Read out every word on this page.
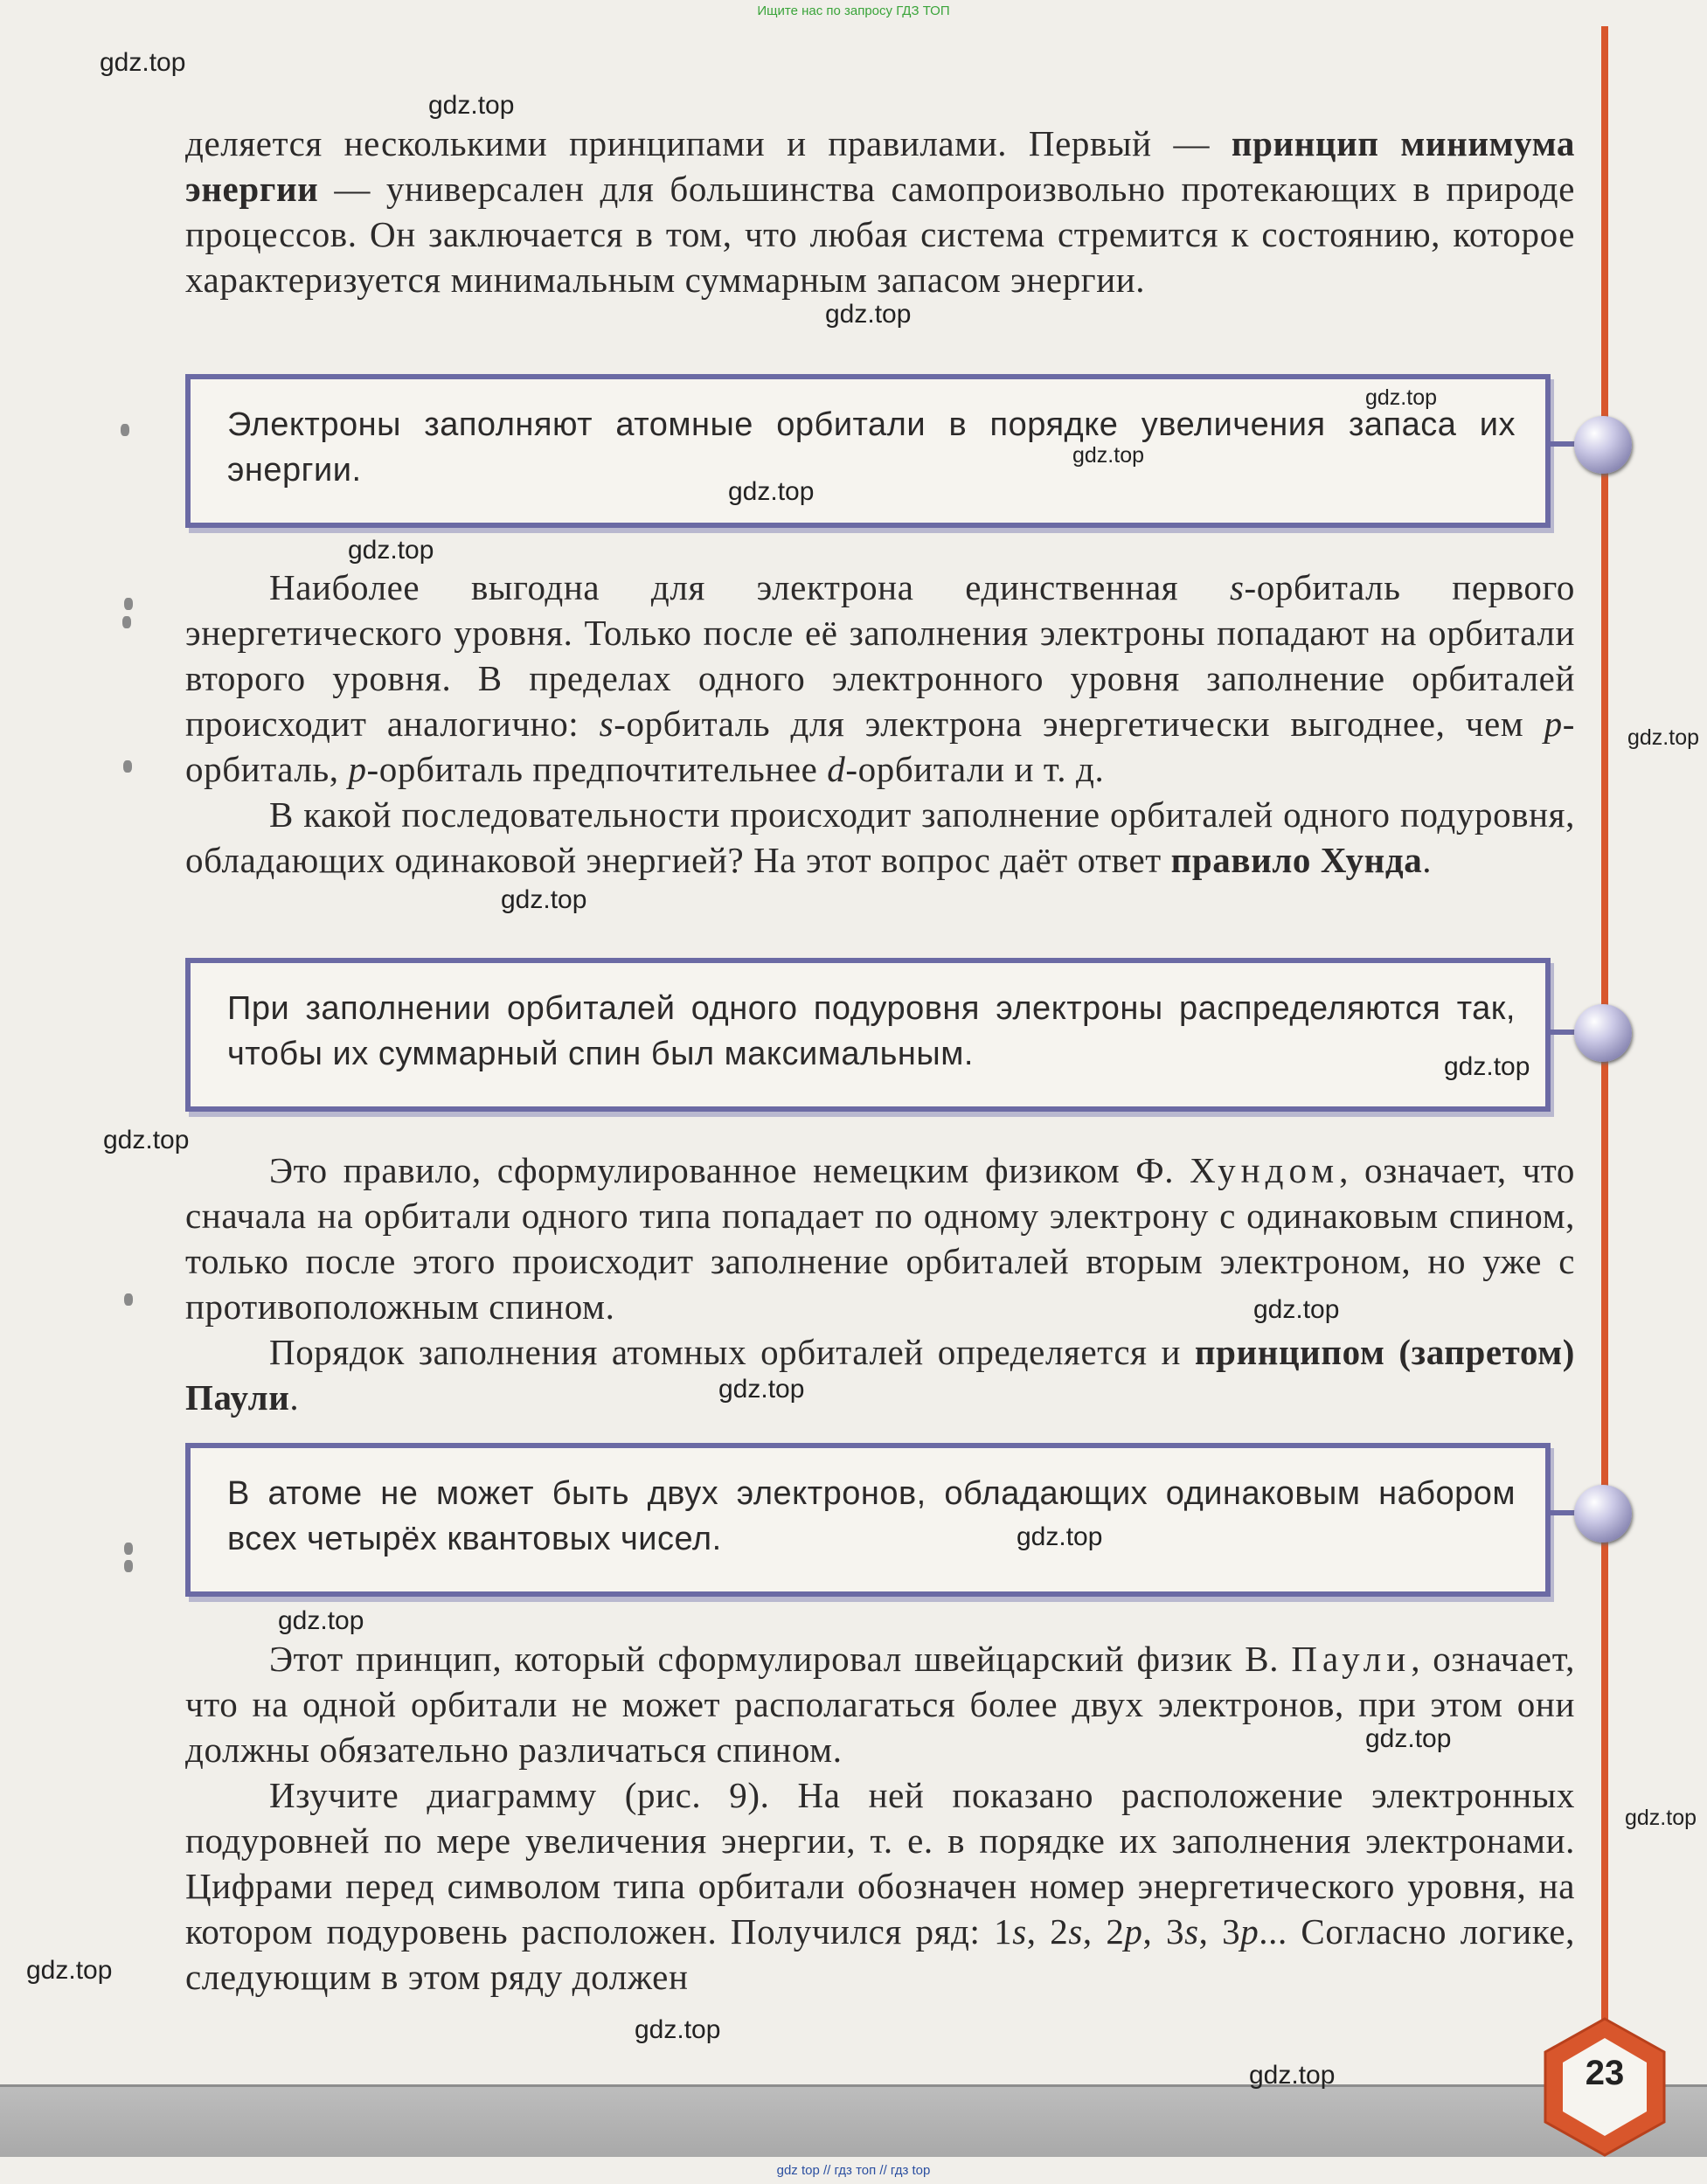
Ищите нас по запросу ГДЗ ТОП

деляется несколькими принципами и правилами. Первый — принцип минимума энергии — универсален для большинства самопроизвольно протекающих в природе процессов. Он заключается в том, что любая система стремится к состоянию, которое характеризуется минимальным суммарным запасом энергии.

Электроны заполняют атомные орбитали в порядке увеличения запаса их энергии.

Наиболее выгодна для электрона единственная s-орбиталь первого энергетического уровня. Только после её заполнения электроны попадают на орбитали второго уровня. В пределах одного электронного уровня заполнение орбиталей происходит аналогично: s-орбиталь для электрона энергетически выгоднее, чем p-орбиталь, p-орбиталь предпочтительнее d-орбитали и т. д.

В какой последовательности происходит заполнение орбиталей одного подуровня, обладающих одинаковой энергией? На этот вопрос даёт ответ правило Хунда.

При заполнении орбиталей одного подуровня электроны распределяются так, чтобы их суммарный спин был максимальным.

Это правило, сформулированное немецким физиком Ф. Хундом, означает, что сначала на орбитали одного типа попадает по одному электрону с одинаковым спином, только после этого происходит заполнение орбиталей вторым электроном, но уже с противоположным спином.

Порядок заполнения атомных орбиталей определяется и принципом (запретом) Паули.

В атоме не может быть двух электронов, обладающих одинаковым набором всех четырёх квантовых чисел.

Этот принцип, который сформулировал швейцарский физик В. Паули, означает, что на одной орбитали не может располагаться более двух электронов, при этом они должны обязательно различаться спином.

Изучите диаграмму (рис. 9). На ней показано расположение электронных подуровней по мере увеличения энергии, т. е. в порядке их заполнения электронами. Цифрами перед символом типа орбитали обозначен номер энергетического уровня, на котором подуровень расположен. Получился ряд: 1s, 2s, 2p, 3s, 3p... Согласно логике, следующим в этом ряду должен

23
gdz.top
gdz.top
gdz.top
gdz.top
gdz.top
gdz.top
gdz.top
gdz.top
gdz.top
gdz.top
gdz.top
gdz.top
gdz.top
gdz.top
gdz.top
gdz.top
gdz.top
gdz.top
gdz.top
gdz.top
gdz top // гдз топ // гдз top
